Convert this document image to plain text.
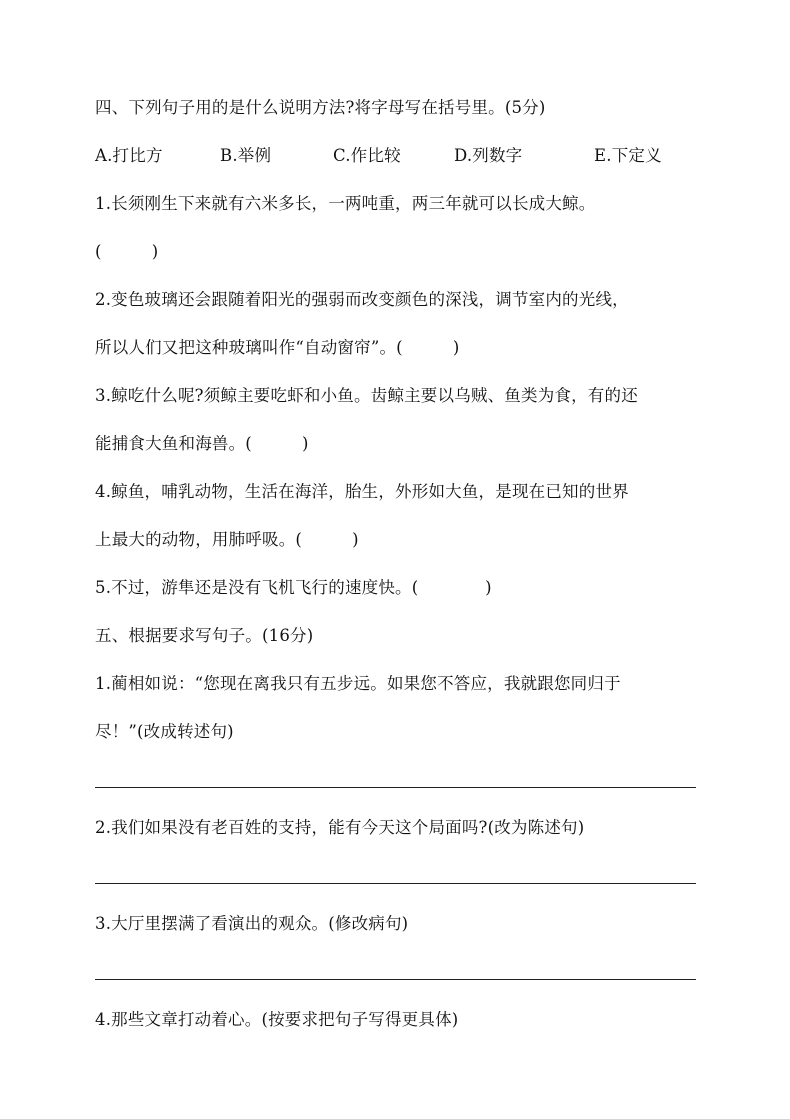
四、下列句子用的是什么说明方法?将字母写在括号里。(5分)
A.打比方	B.举例	C.作比较	D.列数字	E.下定义
1.长须刚生下来就有六米多长，一两吨重，两三年就可以长成大鲸。
(　　　)
2.变色玻璃还会跟随着阳光的强弱而改变颜色的深浅，调节室内的光线，
所以人们又把这种玻璃叫作“自动窗帘”。(　　　)
3.鲸吃什么呢?须鲸主要吃虾和小鱼。齿鲸主要以乌贼、鱼类为食，有的还
能捕食大鱼和海兽。(　　　)
4.鲸鱼，哺乳动物，生活在海洋，胎生，外形如大鱼，是现在已知的世界
上最大的动物，用肺呼吸。(　　　)
5.不过，游隼还是没有飞机飞行的速度快。(　　　　)
五、根据要求写句子。(16分)
1.蔺相如说：“您现在离我只有五步远。如果您不答应，我就跟您同归于
尽！”(改成转述句)
2.我们如果没有老百姓的支持，能有今天这个局面吗?(改为陈述句)
3.大厅里摆满了看演出的观众。(修改病句)
4.那些文章打动着心。(按要求把句子写得更具体)
